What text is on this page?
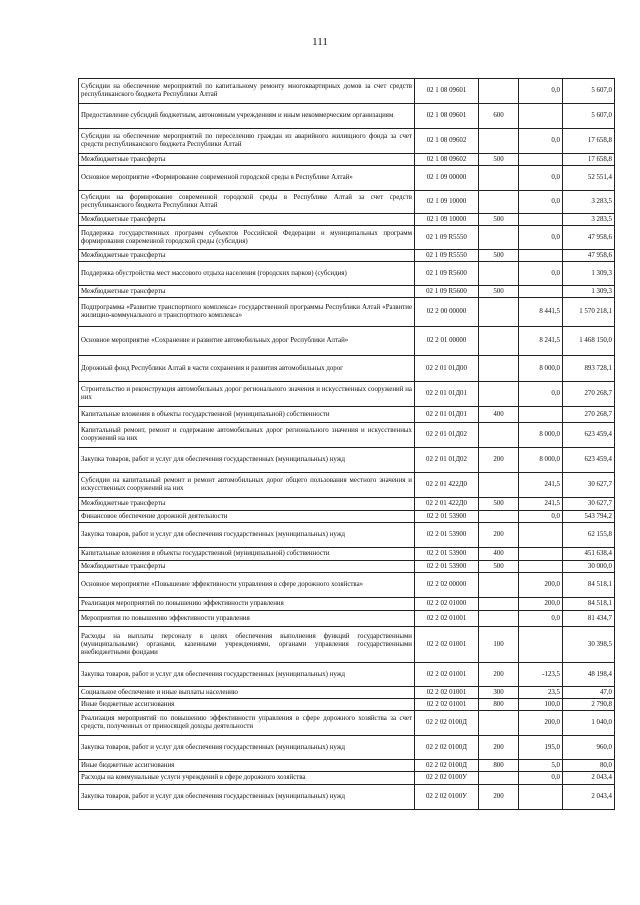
111
Субсидии на обеспечение мероприятий по капитальному ремонту многоквартирных домов за счет средств республиканского бюджета Республики Алтай	02 1 08 09601		0,0	5 607,0
Предоставление субсидий бюджетным, автономным учреждениям и иным некоммерческим организациям	02 1 08 09601	600		5 607,0
Субсидии на обеспечение мероприятий по переселению граждан из аварийного жилищного фонда за счет средств республиканского бюджета Республики Алтай	02 1 08 09602		0,0	17 658,8
Межбюджетные трансферты	02 1 08 09602	500		17 658,8
Основное мероприятие «Формирование современной городской среды в Республике Алтай»	02 1 09 00000		0,0	52 551,4
Субсидии на формирование современной городской среды в Республике Алтай за счет средств республиканского бюджета Республики Алтай	02 1 09 10000		0,0	3 283,5
Межбюджетные трансферты	02 1 09 10000	500		3 283,5
Поддержка государственных программ субъектов Российской Федерации и муниципальных программ формирования современной городской среды (субсидия)	02 1 09 R5550		0,0	47 958,6
Межбюджетные трансферты	02 1 09 R5550	500		47 958,6
Поддержка обустройства мест массового отдыха населения (городских парков) (субсидия)	02 1 09 R5600		0,0	1 309,3
Межбюджетные трансферты	02 1 09 R5600	500		1 309,3
Подпрограмма «Развитие транспортного комплекса» государственной программы Республики Алтай «Развитие жилищно-коммунального и транспортного комплекса»	02 2 00 00000		8 441,5	1 570 218,1
Основное мероприятие «Сохранение и развитие автомобильных дорог Республики Алтай»	02 2 01 00000		8 241,5	1 468 150,0
Дорожный фонд Республики Алтай в части сохранения и развития автомобильных дорог	02 2 01 01Д00		8 000,0	893 728,1
Строительство и реконструкция автомобильных дорог регионального значения и искусственных сооружений на них	02 2 01 01Д01		0,0	270 268,7
Капитальные вложения в объекты государственной (муниципальной) собственности	02 2 01 01Д01	400		270 268,7
Капитальный ремонт, ремонт и содержание автомобильных дорог регионального значения и искусственных сооружений на них	02 2 01 01Д02		8 000,0	623 459,4
Закупка товаров, работ и услуг для обеспечения государственных (муниципальных) нужд	02 2 01 01Д02	200	8 000,0	623 459,4
Субсидии на капитальный ремонт и ремонт автомобильных дорог общего пользования местного значения и искусственных сооружений на них	02 2 01 422Д0		241,5	30 627,7
Межбюджетные трансферты	02 2 01 422Д0	500	241,5	30 627,7
Финансовое обеспечение дорожной деятельности	02 2 01 53900		0,0	543 794,2
Закупка товаров, работ и услуг для обеспечения государственных (муниципальных) нужд	02 2 01 53900	200		62 155,8
Капитальные вложения в объекты государственной (муниципальной) собственности	02 2 01 53900	400		451 638,4
Межбюджетные трансферты	02 2 01 53900	500		30 000,0
Основное мероприятие «Повышение эффективности управления в сфере дорожного хозяйства»	02 2 02 00000		200,0	84 518,1
Реализация мероприятий по повышению эффективности управления	02 2 02 01000		200,0	84 518,1
Мероприятия по повышению эффективности управления	02 2 02 01001		0,0	81 434,7
Расходы на выплаты персоналу в целях обеспечения выполнения функций государственными (муниципальными) органами, казенными учреждениями, органами управления государственными внебюджетными фондами	02 2 02 01001	100		30 398,5
Закупка товаров, работ и услуг для обеспечения государственных (муниципальных) нужд	02 2 02 01001	200	-123,5	48 198,4
Социальное обеспечение и иные выплаты населению	02 2 02 01001	300	23,5	47,0
Иные бюджетные ассигнования	02 2 02 01001	800	100,0	2 790,8
Реализация мероприятий по повышению эффективности управления в сфере дорожного хозяйства за счет средств, полученных от приносящей доходы деятельности	02 2 02 0100Д		200,0	1 040,0
Закупка товаров, работ и услуг для обеспечения государственных (муниципальных) нужд	02 2 02 0100Д	200	195,0	960,0
Иные бюджетные ассигнования	02 2 02 0100Д	800	5,0	80,0
Расходы на коммунальные услуги учреждений в сфере дорожного хозяйства	02 2 02 0100У		0,0	2 043,4
Закупка товаров, работ и услуг для обеспечения государственных (муниципальных) нужд	02 2 02 0100У	200		2 043,4
